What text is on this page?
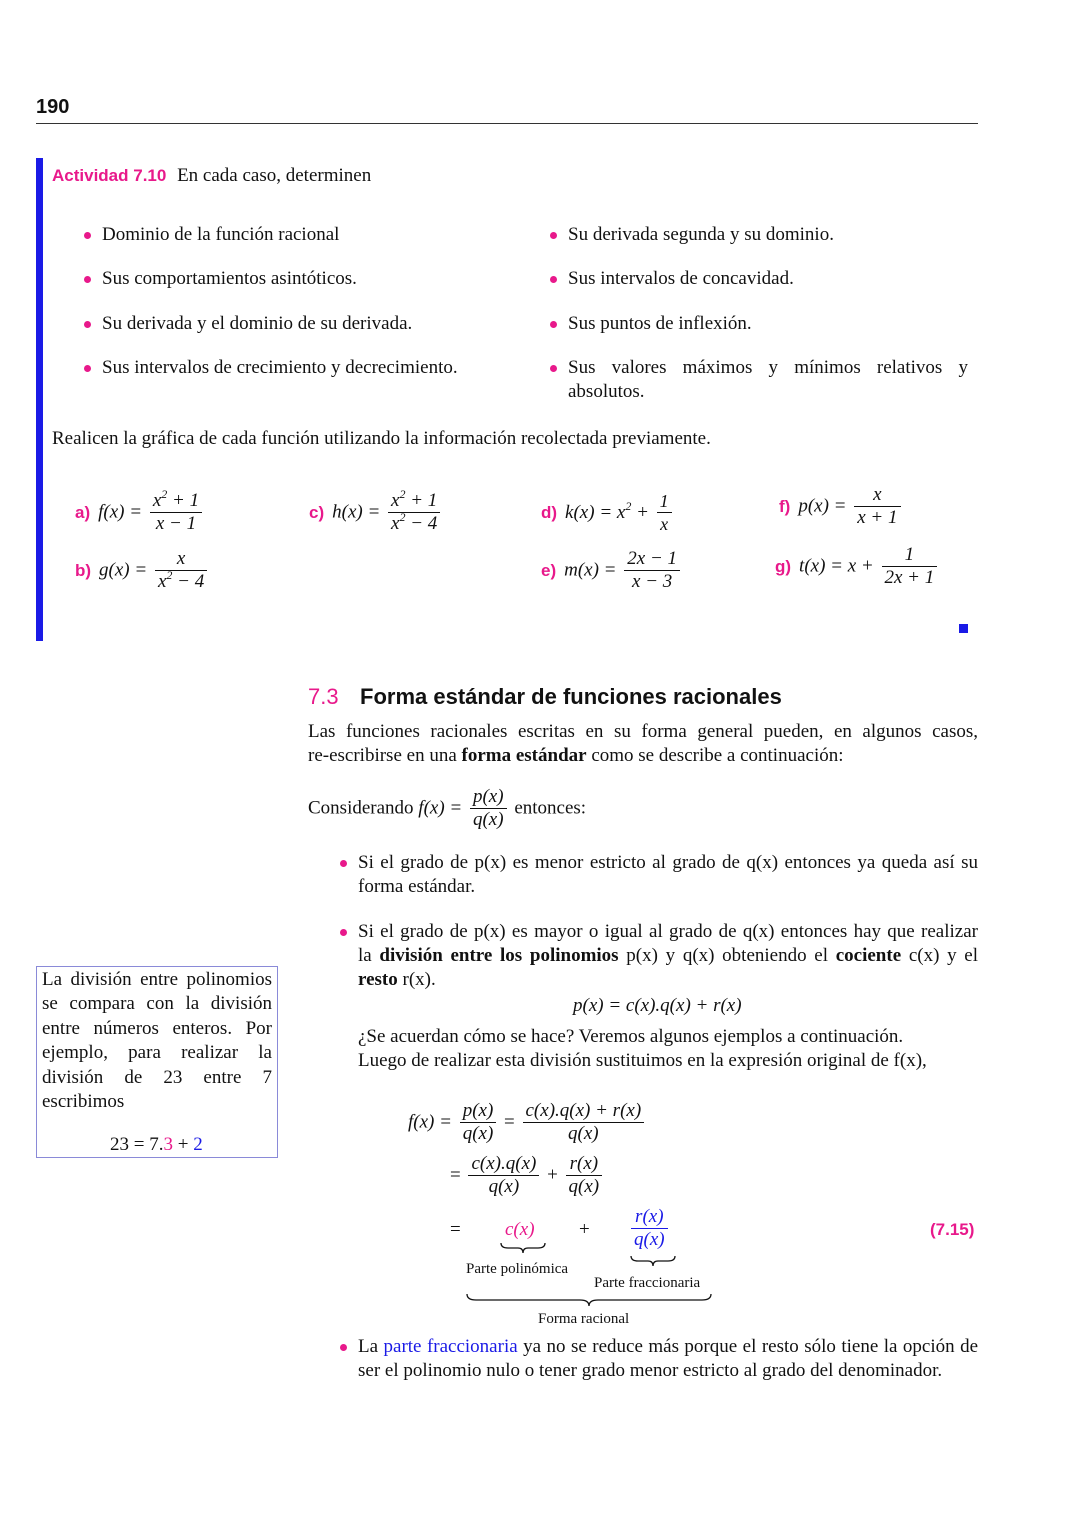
190
Actividad 7.10 En cada caso, determinen
Dominio de la función racional
Sus comportamientos asintóticos.
Su derivada y el dominio de su derivada.
Sus intervalos de crecimiento y decrecimiento.
Su derivada segunda y su dominio.
Sus intervalos de concavidad.
Sus puntos de inflexión.
Sus valores máximos y mínimos relativos y
absolutos.
Realicen la gráfica de cada función utilizando la información recolectada previamente.
a) $f(x) = \frac{x^2 + 1}{x - 1}$
b) $g(x) = \frac{x}{x^2 - 4}$
c) $h(x) = \frac{x^2 + 1}{x^2 - 4}$	d) $k(x) = x^2 + \frac{1}{x}$
e) $m(x) = \frac{2x - 1}{x - 3}$
f) $p(x) = \frac{x}{x + 1}$
g) $t(x) = x + \frac{1}{2x + 1}$
7.3 Forma estándar de funciones racionales
Las funciones racionales escritas en su forma general pueden, en algunos casos,
re-escribirse en una forma estándar como se describe a continuación:
Considerando $f(x) = \frac{p(x)}{q(x)}$ entonces:
Si el grado de p(x) es menor estricto al grado de q(x) entonces ya queda así su
forma estándar.
Si el grado de p(x) es mayor o igual al grado de q(x) entonces hay que realizar
la división entre los polinomios p(x) y q(x) obteniendo el cociente c(x) y el
resto r(x).
p(x) = c(x).q(x) + r(x)
¿Se acuerdan cómo se hace? Veremos algunos ejemplos a continuación.
Luego de realizar esta división sustituimos en la expresión original de f(x),
$f(x) = \frac{p(x)}{q(x)} = \frac{c(x).q(x) + r(x)}{q(x)}$
= $\frac{c(x).q(x)}{q(x)} + \frac{r(x)}{q(x)}$
= $c(x) + \frac{r(x)}{q(x)}$	(7.15)
Parte polinómica
Parte fraccionaria
Forma racional
La parte fraccionaria ya no se reduce más porque el resto sólo tiene la opción de
ser el polinomio nulo o tener grado menor estricto al grado del denominador.
La división entre polinomios
se compara con la división
entre números enteros. Por
ejemplo, para realizar la
división de 23 entre 7
escribimos
23 = 7.3 + 2
